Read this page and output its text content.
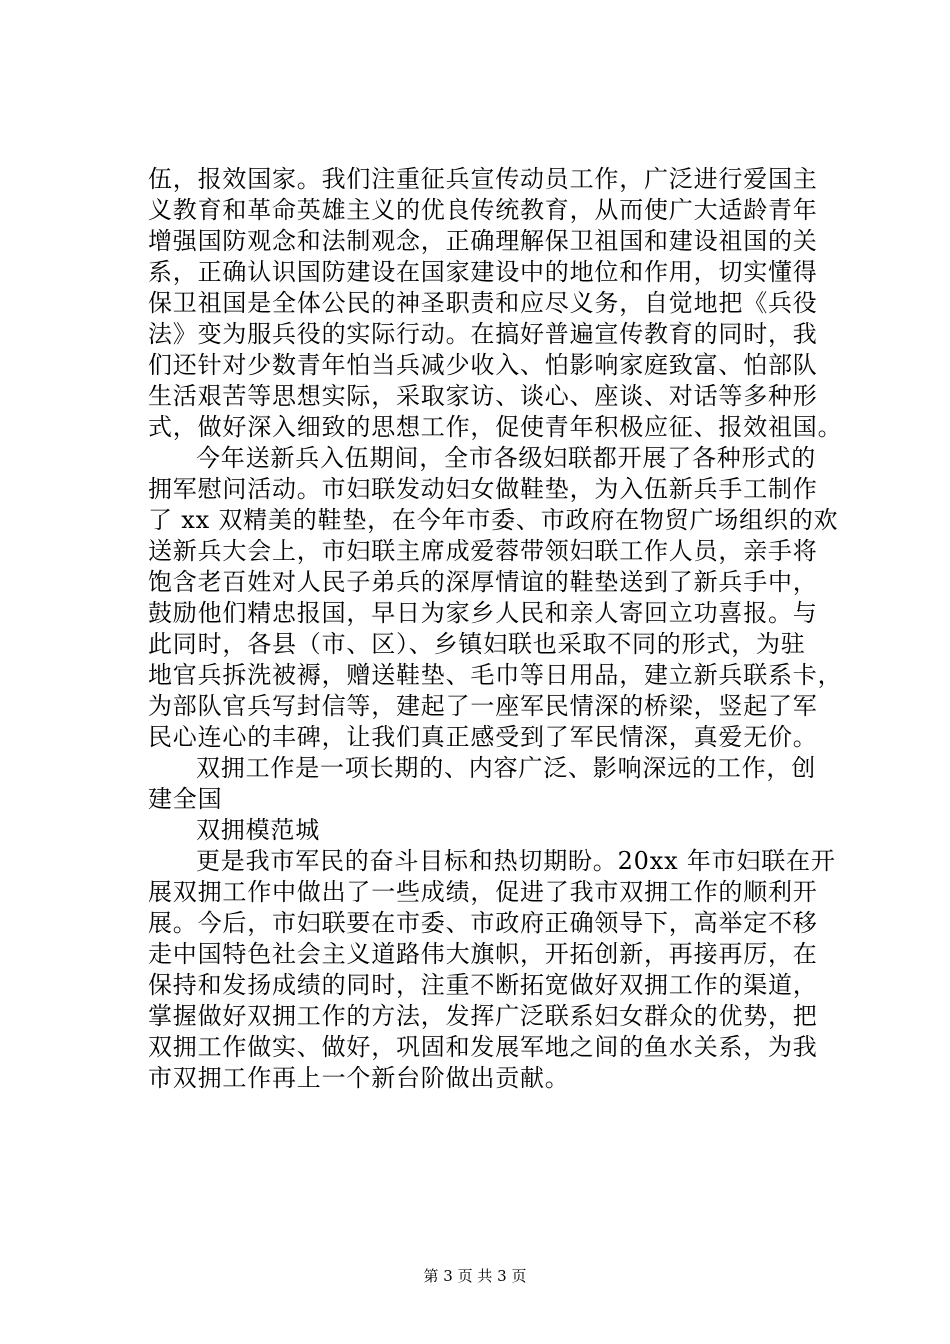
伍，报效国家。我们注重征兵宣传动员工作，广泛进行爱国主
义教育和革命英雄主义的优良传统教育，从而使广大适龄青年
增强国防观念和法制观念，正确理解保卫祖国和建设祖国的关
系，正确认识国防建设在国家建设中的地位和作用，切实懂得
保卫祖国是全体公民的神圣职责和应尽义务，自觉地把《兵役
法》变为服兵役的实际行动。在搞好普遍宣传教育的同时，我
们还针对少数青年怕当兵减少收入、怕影响家庭致富、怕部队
生活艰苦等思想实际，采取家访、谈心、座谈、对话等多种形
式，做好深入细致的思想工作，促使青年积极应征、报效祖国。
今年送新兵入伍期间，全市各级妇联都开展了各种形式的
拥军慰问活动。市妇联发动妇女做鞋垫，为入伍新兵手工制作
了 xx 双精美的鞋垫，在今年市委、市政府在物贸广场组织的欢
送新兵大会上，市妇联主席成爱蓉带领妇联工作人员，亲手将
饱含老百姓对人民子弟兵的深厚情谊的鞋垫送到了新兵手中，
鼓励他们精忠报国，早日为家乡人民和亲人寄回立功喜报。与
此同时，各县（市、区）、乡镇妇联也采取不同的形式，为驻
地官兵拆洗被褥，赠送鞋垫、毛巾等日用品，建立新兵联系卡，
为部队官兵写封信等，建起了一座军民情深的桥梁，竖起了军
民心连心的丰碑，让我们真正感受到了军民情深，真爱无价。
双拥工作是一项长期的、内容广泛、影响深远的工作，创
建全国
双拥模范城
更是我市军民的奋斗目标和热切期盼。20xx 年市妇联在开
展双拥工作中做出了一些成绩，促进了我市双拥工作的顺利开
展。今后，市妇联要在市委、市政府正确领导下，高举定不移
走中国特色社会主义道路伟大旗帜，开拓创新，再接再厉，在
保持和发扬成绩的同时，注重不断拓宽做好双拥工作的渠道，
掌握做好双拥工作的方法，发挥广泛联系妇女群众的优势，把
双拥工作做实、做好，巩固和发展军地之间的鱼水关系，为我
市双拥工作再上一个新台阶做出贡献。
第 3 页 共 3 页
